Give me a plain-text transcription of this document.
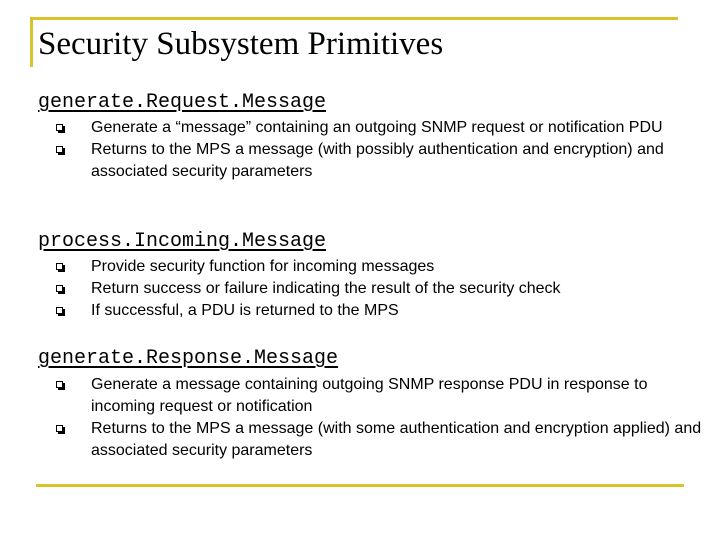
Security Subsystem Primitives
generate.Request.Message
Generate a “message” containing an outgoing SNMP request or notification PDU
Returns to the MPS a message (with possibly authentication and encryption) and associated security parameters
process.Incoming.Message
Provide security function for incoming messages
Return success or failure indicating the result of the security check
If successful, a PDU is returned to the MPS
generate.Response.Message
Generate a message containing outgoing SNMP response PDU in response to incoming request or notification
Returns to the MPS a message (with some authentication and encryption applied) and associated security parameters
